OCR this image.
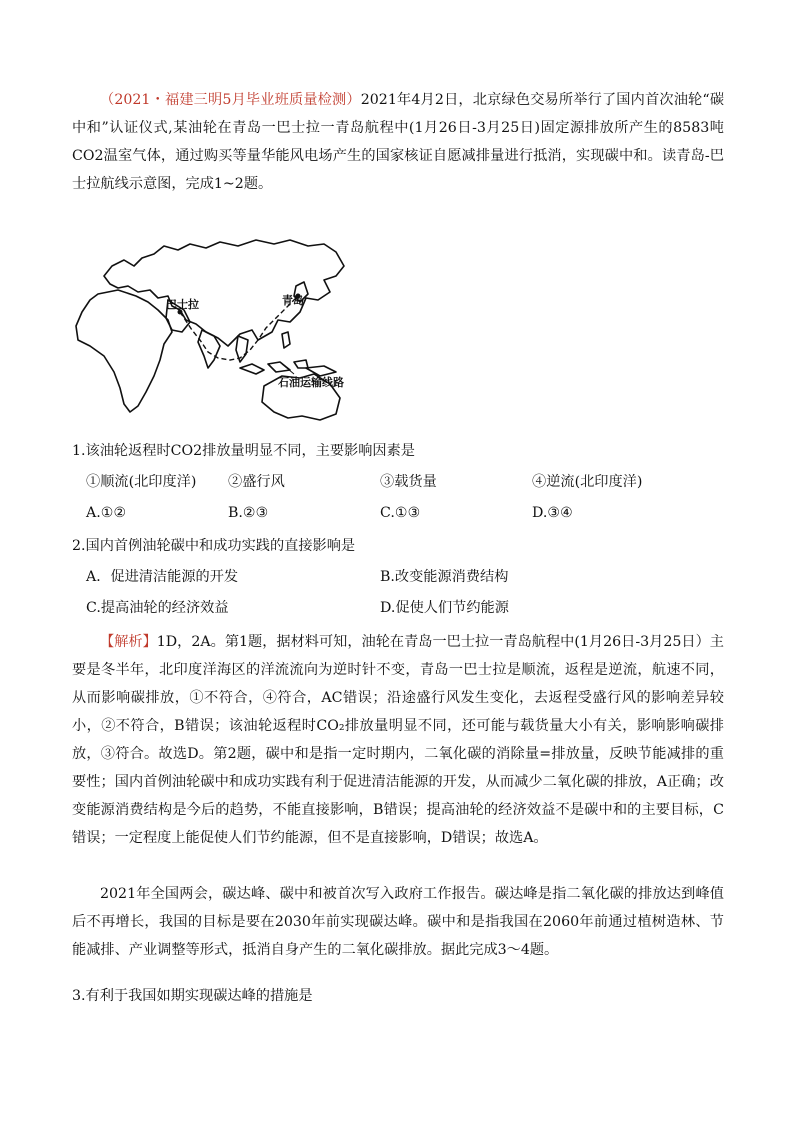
（2021・福建三明5月毕业班质量检测）2021年4月2日，北京绿色交易所举行了国内首次油轮“碳中和”认证仪式,某油轮在青岛一巴士拉一青岛航程中(1月26日-3月25日)固定源排放所产生的8583吨CO2温室气体，通过购买等量华能风电场产生的国家核证自愿减排量进行抵消，实现碳中和。读青岛-巴士拉航线示意图，完成1~2题。

巴士拉	青岛
石油运输线路
1.该油轮返程时CO2排放量明显不同，主要影响因素是
①顺流(北印度洋) ②盛行风	③载货量	④逆流(北印度洋)
A.①②	B.②③	C.①③	D.③④
2.国内首例油轮碳中和成功实践的直接影响是
A．促进清洁能源的开发	B.改变能源消费结构
C.提高油轮的经济效益	D.促使人们节约能源

【解析】1D，2A。第1题，据材料可知，油轮在青岛一巴士拉一青岛航程中(1月26日-3月25日）主要是冬半年，北印度洋海区的洋流流向为逆时针不变，青岛一巴士拉是顺流，返程是逆流，航速不同，从而影响碳排放，①不符合，④符合，AC错误；沿途盛行风发生变化，去返程受盛行风的影响差异较小，②不符合，B错误；该油轮返程时CO₂排放量明显不同，还可能与载货量大小有关，影响影响碳排放，③符合。故选D。第2题，碳中和是指一定时期内，二氧化碳的消除量=排放量，反映节能减排的重要性；国内首例油轮碳中和成功实践有利于促进清洁能源的开发，从而减少二氧化碳的排放，A正确；改变能源消费结构是今后的趋势，不能直接影响，B错误；提高油轮的经济效益不是碳中和的主要目标，C错误；一定程度上能促使人们节约能源，但不是直接影响，D错误；故选A。

2021年全国两会，碳达峰、碳中和被首次写入政府工作报告。碳达峰是指二氧化碳的排放达到峰值后不再增长，我国的目标是要在2030年前实现碳达峰。碳中和是指我国在2060年前通过植树造林、节能减排、产业调整等形式，抵消自身产生的二氧化碳排放。据此完成3～4题。

3.有利于我国如期实现碳达峰的措施是
